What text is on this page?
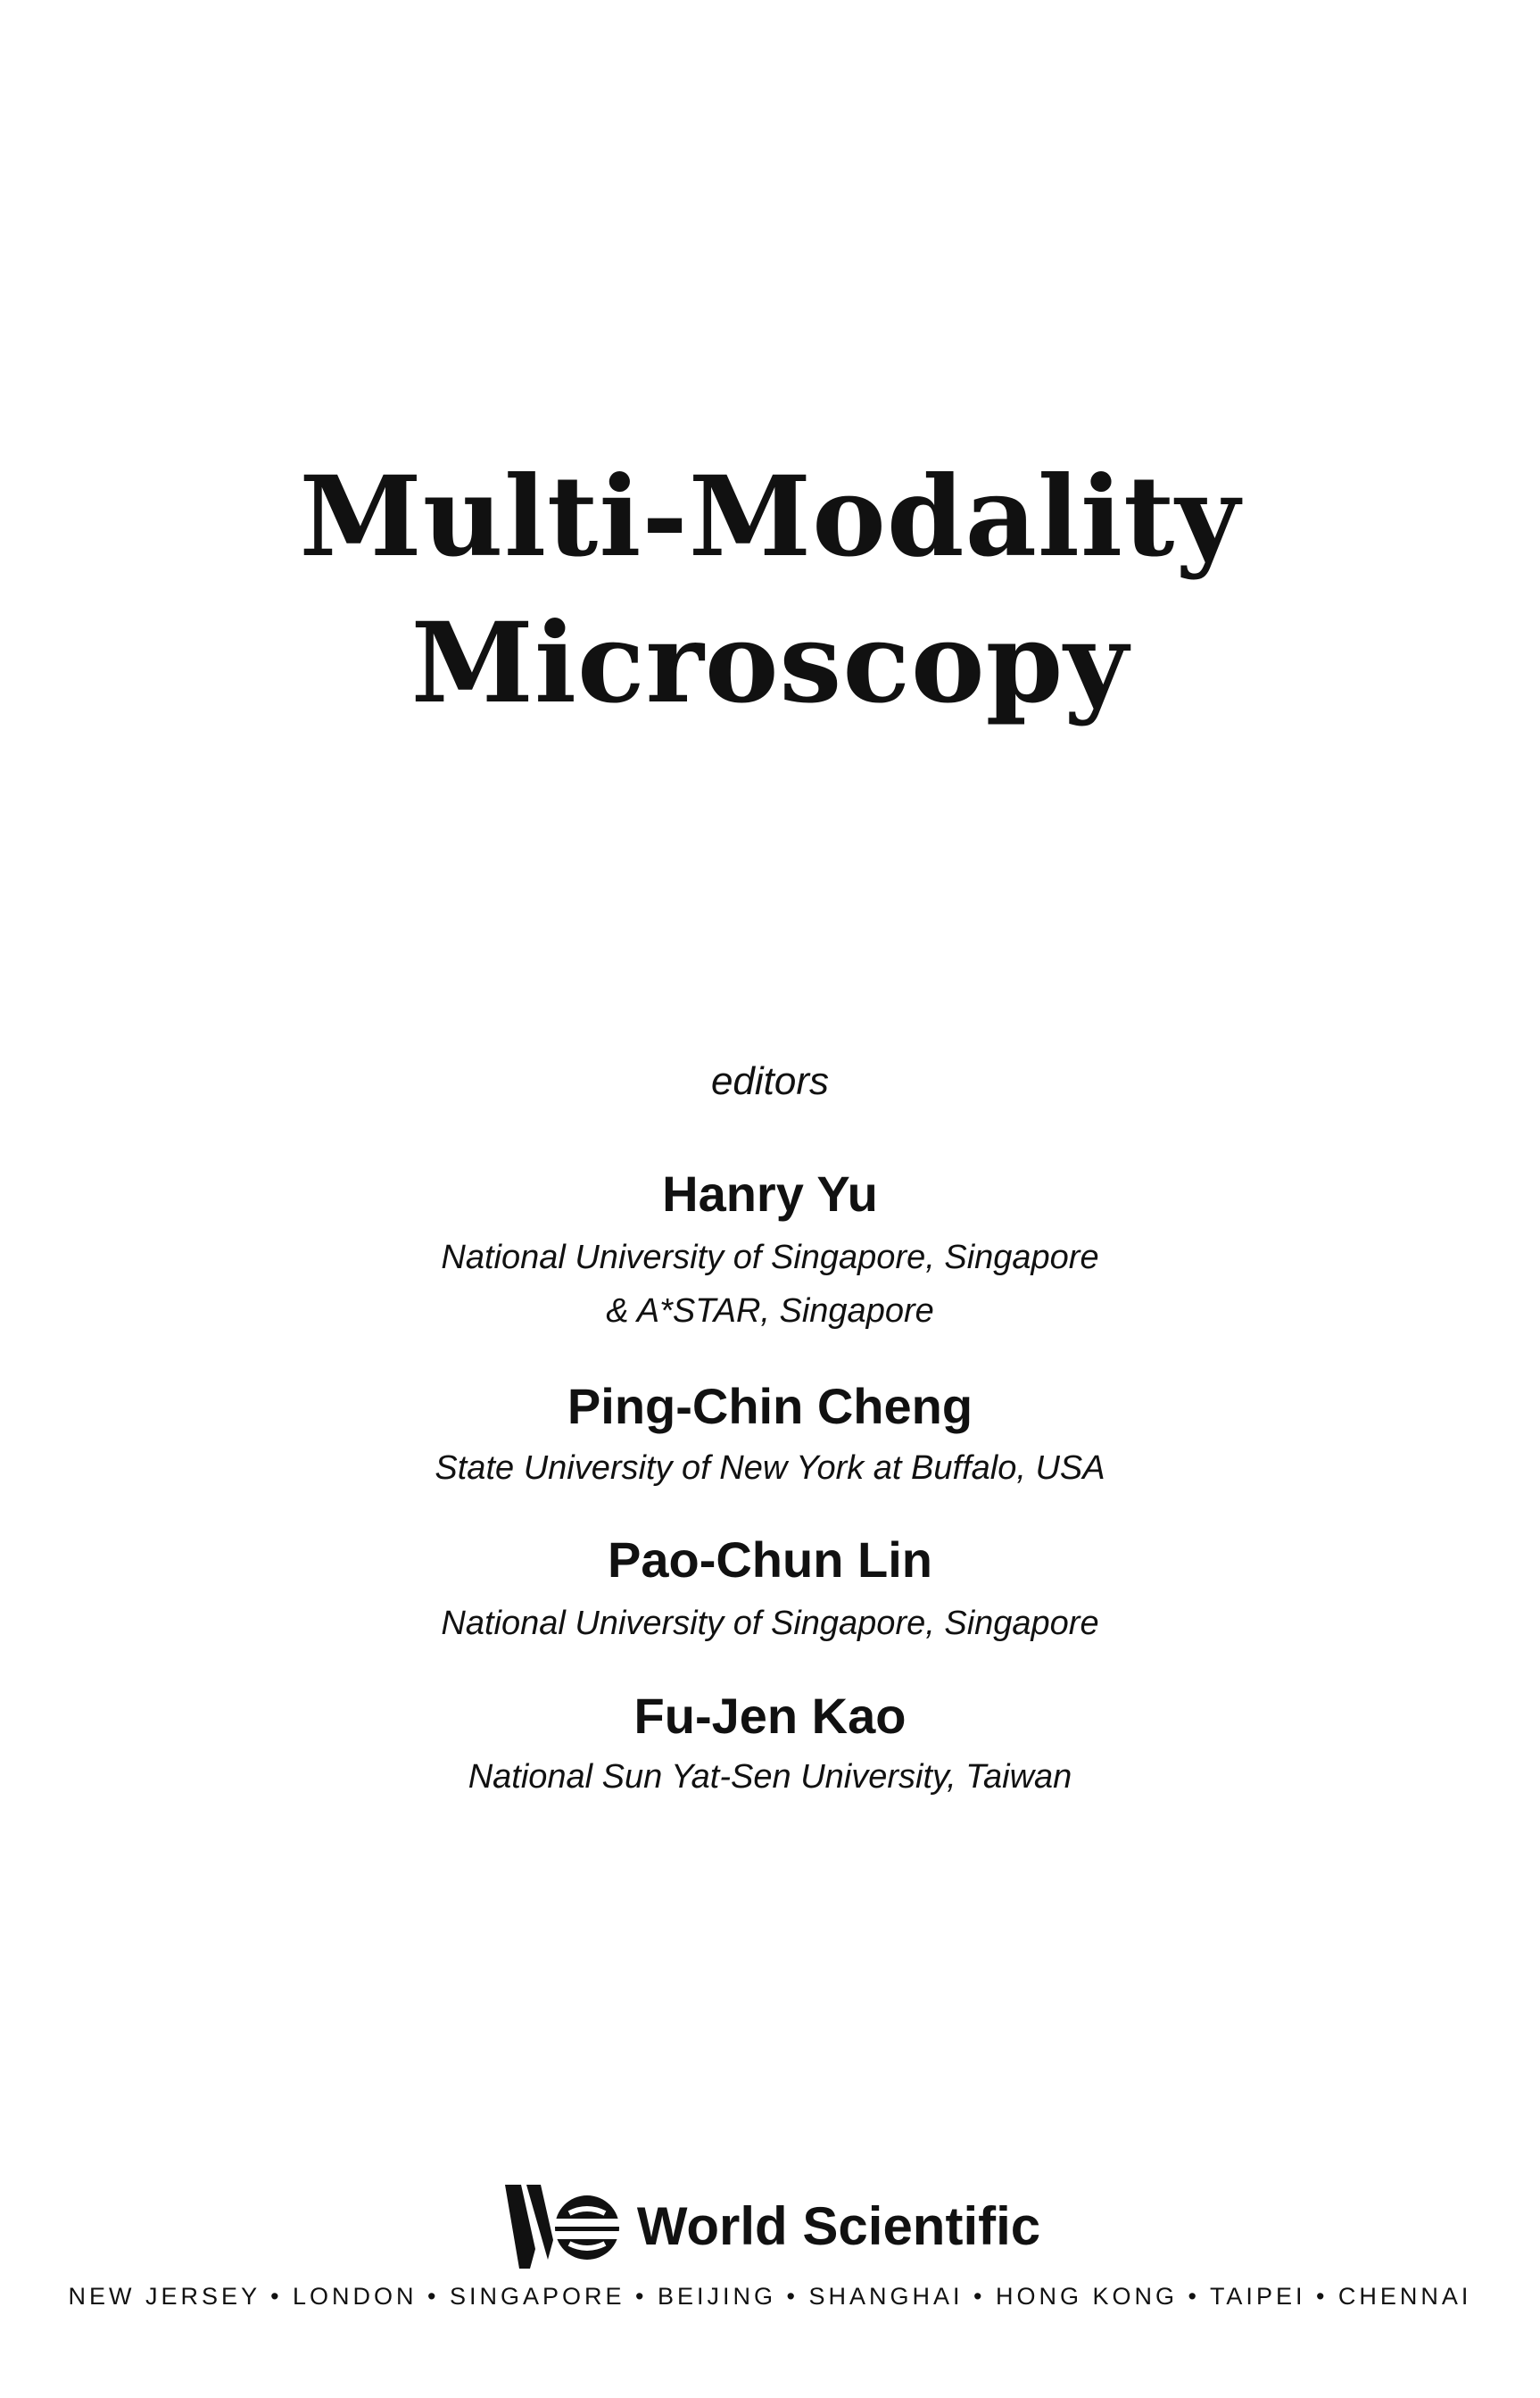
Multi-Modality
Microscopy
editors
Hanry Yu
National University of Singapore, Singapore
& A*STAR, Singapore
Ping-Chin Cheng
State University of New York at Buffalo, USA
Pao-Chun Lin
National University of Singapore, Singapore
Fu-Jen Kao
National Sun Yat-Sen University, Taiwan
World Scientific
NEW JERSEY • LONDON • SINGAPORE • BEIJING • SHANGHAI • HONG KONG • TAIPEI • CHENNAI
